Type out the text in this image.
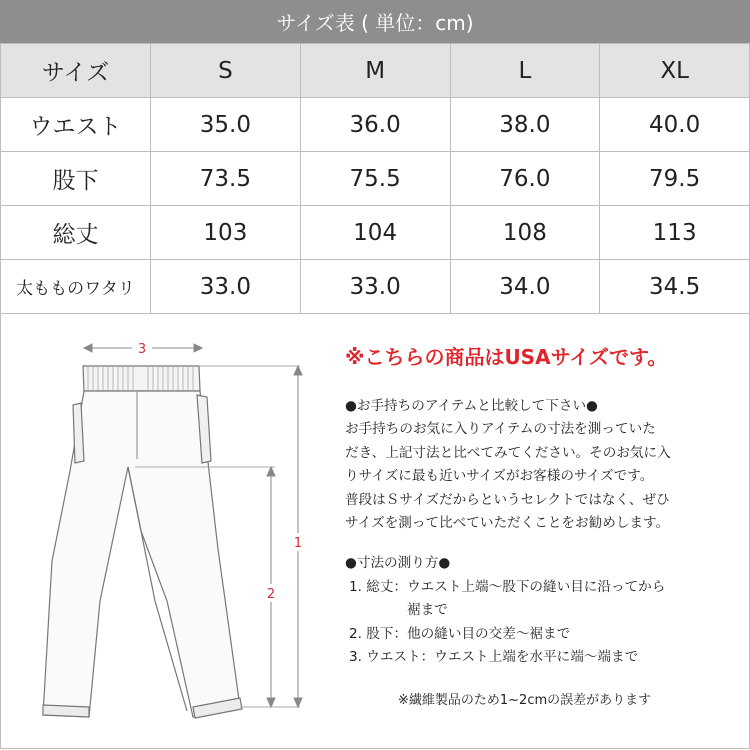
サイズ表 ( 単位：cm)
サイズ	S	M	L	XL
ウエスト	35.0	36.0	38.0	40.0
股下	73.5	75.5	76.0	79.5
総丈	103	104	108	113
太もものワタリ	33.0	33.0	34.0	34.5
3
1
2
※こちらの商品はUSAサイズです。
●お手持ちのアイテムと比較して下さい●
お手持ちのお気に入りアイテムの寸法を測っていた
だき、上記寸法と比べてみてください。そのお気に入
りサイズに最も近いサイズがお客様のサイズです。
普段はＳサイズだからというセレクトではなく、ぜひ
サイズを測って比べていただくことをお勧めします。
●寸法の測り方●
1. 総丈：ウエスト上端～股下の縫い目に沿ってから
裾まで
2. 股下：他の縫い目の交差～裾まで
3. ウエスト：ウエスト上端を水平に端～端まで
※繊維製品のため1~2cmの誤差があります
